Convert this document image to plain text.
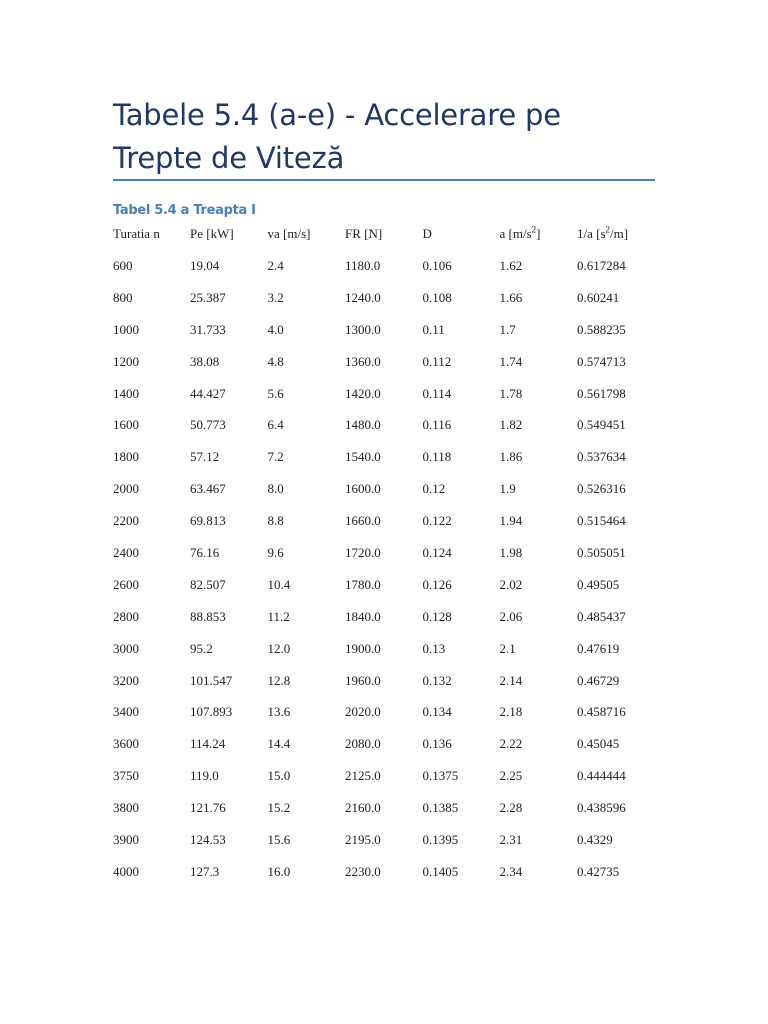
Tabele 5.4 (a-e) - Accelerare pe Trepte de Viteză
Tabel 5.4 a Treapta I
Turatia n	Pe [kW]	va [m/s]	FR [N]	D	a $[m/s^2]$	1/a $[s^2/m]$
600	19.04	2.4	1180.0	0.106	1.62	0.617284
800	25.387	3.2	1240.0	0.108	1.66	0.60241
1000	31.733	4.0	1300.0	0.11	1.7	0.588235
1200	38.08	4.8	1360.0	0.112	1.74	0.574713
1400	44.427	5.6	1420.0	0.114	1.78	0.561798
1600	50.773	6.4	1480.0	0.116	1.82	0.549451
1800	57.12	7.2	1540.0	0.118	1.86	0.537634
2000	63.467	8.0	1600.0	0.12	1.9	0.526316
2200	69.813	8.8	1660.0	0.122	1.94	0.515464
2400	76.16	9.6	1720.0	0.124	1.98	0.505051
2600	82.507	10.4	1780.0	0.126	2.02	0.49505
2800	88.853	11.2	1840.0	0.128	2.06	0.485437
3000	95.2	12.0	1900.0	0.13	2.1	0.47619
3200	101.547	12.8	1960.0	0.132	2.14	0.46729
3400	107.893	13.6	2020.0	0.134	2.18	0.458716
3600	114.24	14.4	2080.0	0.136	2.22	0.45045
3750	119.0	15.0	2125.0	0.1375	2.25	0.444444
3800	121.76	15.2	2160.0	0.1385	2.28	0.438596
3900	124.53	15.6	2195.0	0.1395	2.31	0.4329
4000	127.3	16.0	2230.0	0.1405	2.34	0.42735
